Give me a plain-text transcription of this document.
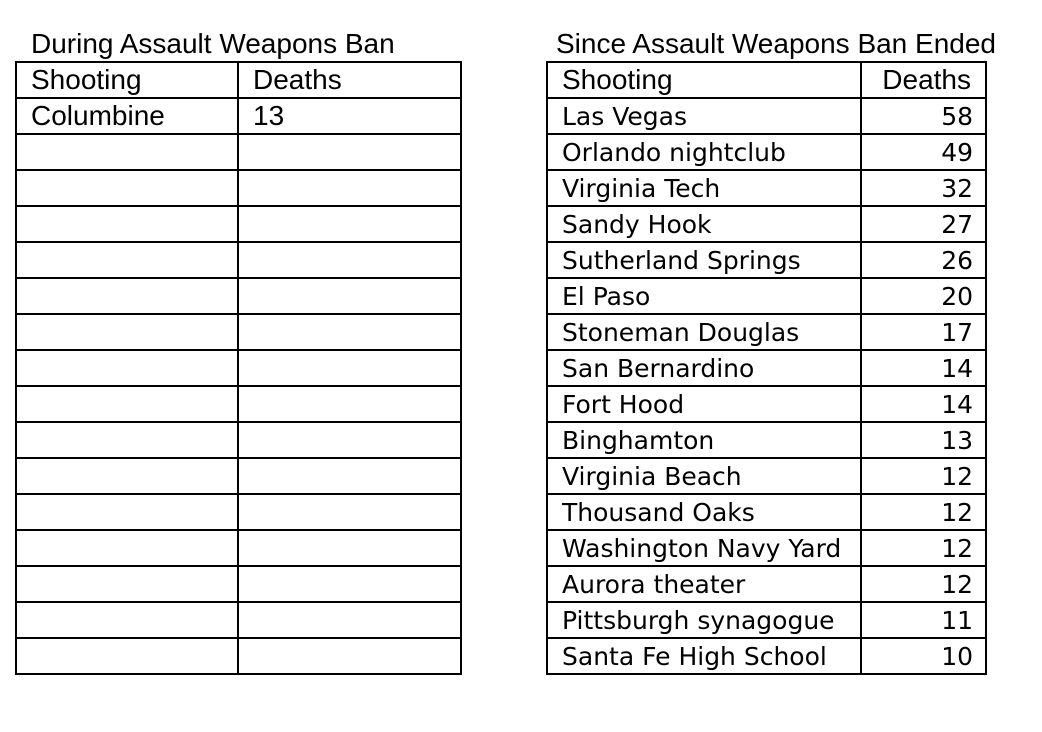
During Assault Weapons Ban	Since Assault Weapons Ban Ended
Shooting	Deaths
Columbine	13

Shooting	Deaths
Las Vegas	58
Orlando nightclub	49
Virginia Tech	32
Sandy Hook	27
Sutherland Springs	26
El Paso	20
Stoneman Douglas	17
San Bernardino	14
Fort Hood	14
Binghamton	13
Virginia Beach	12
Thousand Oaks	12
Washington Navy Yard	12
Aurora theater	12
Pittsburgh synagogue	11
Santa Fe High School	10
